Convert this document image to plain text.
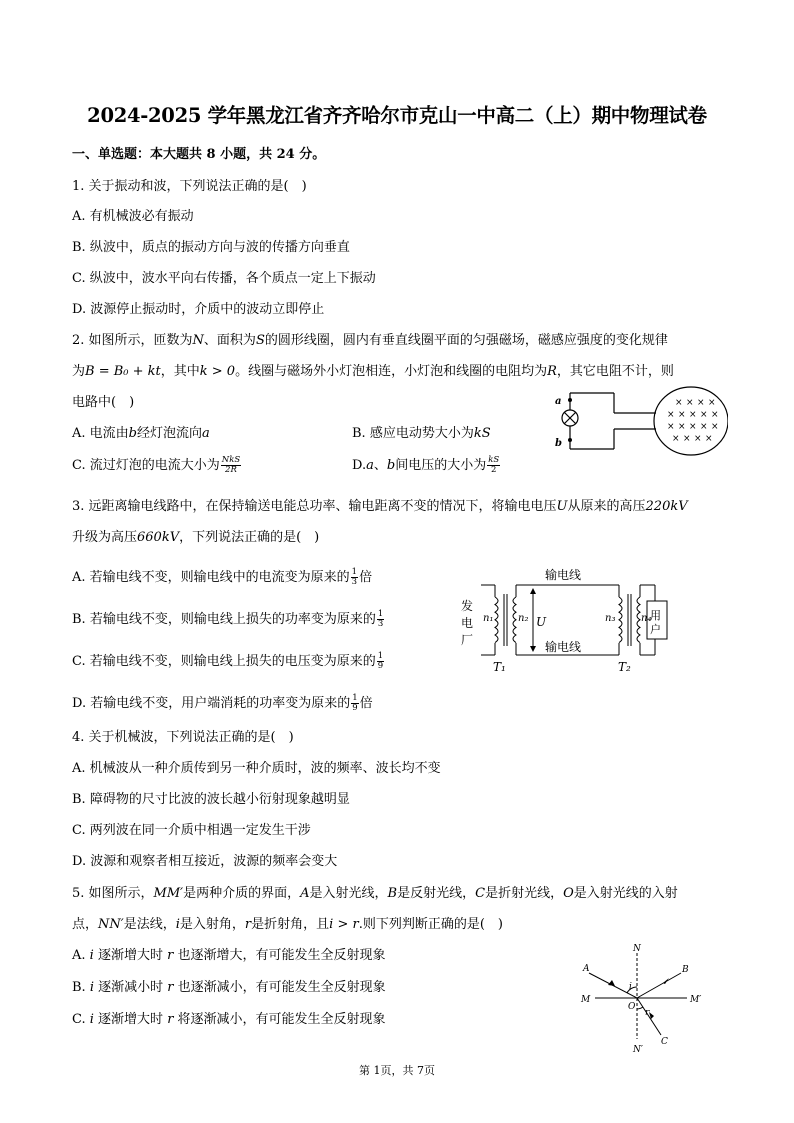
2024-2025 学年黑龙江省齐齐哈尔市克山一中高二（上）期中物理试卷
一、单选题：本大题共 8 小题，共 24 分。
1. 关于振动和波，下列说法正确的是(　)
A. 有机械波必有振动
B. 纵波中，质点的振动方向与波的传播方向垂直
C. 纵波中，波水平向右传播，各个质点一定上下振动
D. 波源停止振动时，介质中的波动立即停止
2. 如图所示，匝数为N、面积为S的圆形线圈，圆内有垂直线圈平面的匀强磁场，磁感应强度的变化规律
为B = B₀ + kt，其中k > 0。线圈与磁场外小灯泡相连，小灯泡和线圈的电阻均为R，其它电阻不计，则
电路中(　)
A. 电流由b经灯泡流向a	B. 感应电动势大小为kS
C. 流过灯泡的电流大小为 $\frac{\text{NkS}}{2R}$	D.a、b间电压的大小为 $\frac{kS}{2}$
a
b
× × × ×
× × × × ×
× × × × ×
× × × ×
3. 远距离输电线路中，在保持输送电能总功率、输电距离不变的情况下，将输电电压U从原来的高压220kV
升级为高压660kV，下列说法正确的是(　)
A. 若输电线不变，则输电线中的电流变为原来的 $\frac{1}{3}$ 倍
B. 若输电线不变，则输电线上损失的功率变为原来的 $\frac{1}{3}$
C. 若输电线不变，则输电线上损失的电压变为原来的 $\frac{1}{9}$
D. 若输电线不变，用户端消耗的功率变为原来的 $\frac{1}{9}$ 倍
输电线
输电线
发
电
厂
用
户
n₁ n₂ U	n₃	n₄
T₁	T₂
4. 关于机械波，下列说法正确的是(　)
A. 机械波从一种介质传到另一种介质时，波的频率、波长均不变
B. 障碍物的尺寸比波的波长越小衍射现象越明显
C. 两列波在同一介质中相遇一定发生干涉
D. 波源和观察者相互接近，波源的频率会变大
5. 如图所示，MM′是两种介质的界面，A是入射光线，B是反射光线，C是折射光线，O是入射光线的入射
点，NN′是法线，i是入射角，r是折射角，且i > r.则下列判断正确的是(　)
A. i 逐渐增大时 r 也逐渐增大，有可能发生全反射现象
B. i 逐渐减小时 r 也逐渐减小，有可能发生全反射现象
C. i 逐渐增大时 r 将逐渐减小，有可能发生全反射现象
N
N′
M	M′
A	B
C
O
i
r
第 1页，共 7页
